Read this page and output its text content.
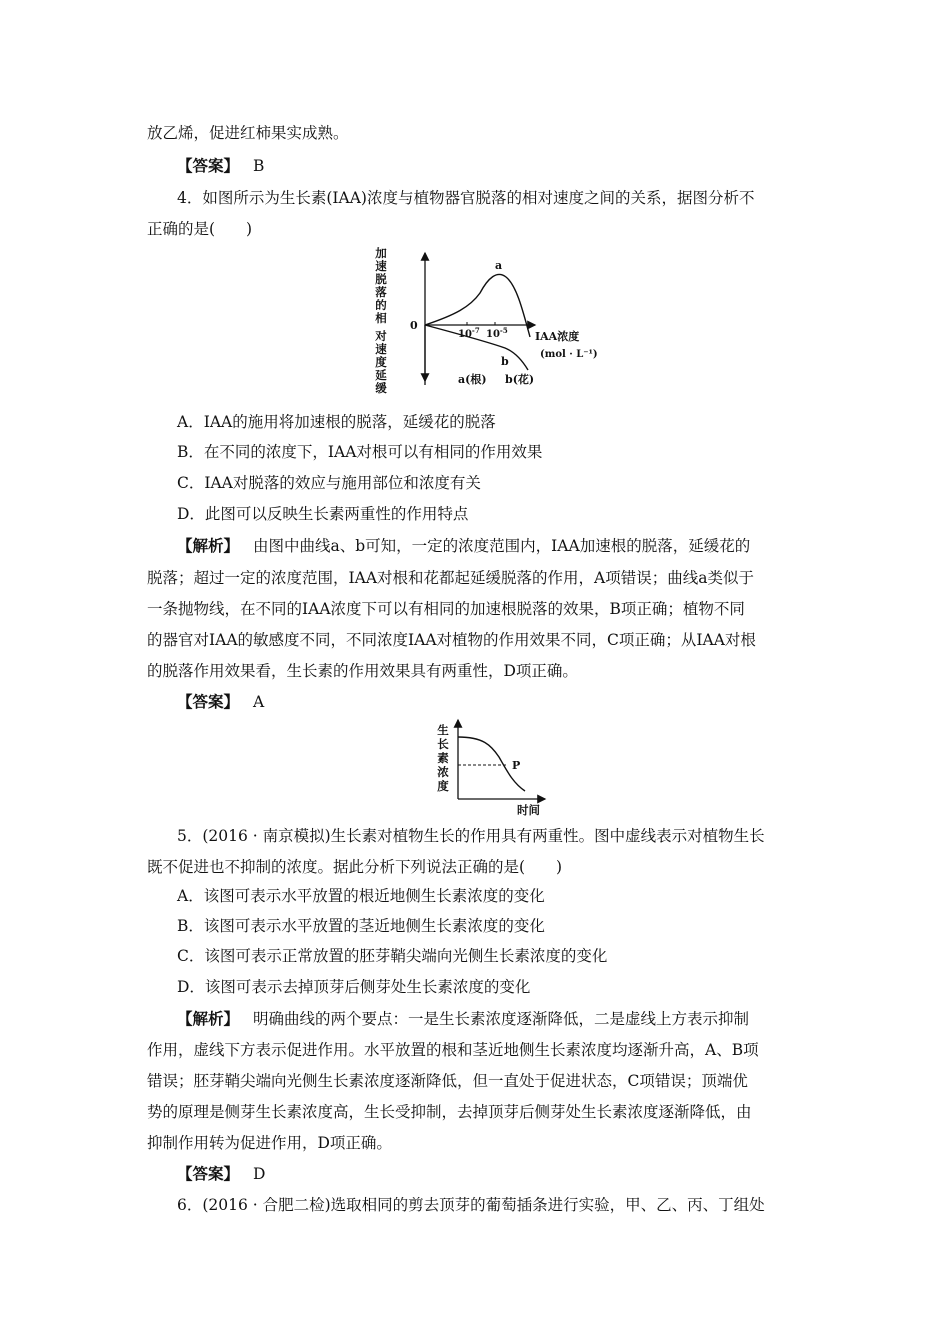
放乙烯，促进红柿果实成熟。
【答案】 B
4．如图所示为生长素(IAA)浓度与植物器官脱落的相对速度之间的关系，据图分析不
正确的是(　　)
加
速
脱
落
的
相
对
速
度
延
缓
0
$10^{-7}$ $10^{-5}$ IAA浓度
(mol · L⁻¹)
a
b
a(根) b(花)
A．IAA的施用将加速根的脱落，延缓花的脱落
B．在不同的浓度下，IAA对根可以有相同的作用效果
C．IAA对脱落的效应与施用部位和浓度有关
D．此图可以反映生长素两重性的作用特点
【解析】 由图中曲线a、b可知，一定的浓度范围内，IAA加速根的脱落，延缓花的
脱落；超过一定的浓度范围，IAA对根和花都起延缓脱落的作用，A项错误；曲线a类似于
一条抛物线，在不同的IAA浓度下可以有相同的加速根脱落的效果，B项正确；植物不同
的器官对IAA的敏感度不同，不同浓度IAA对植物的作用效果不同，C项正确；从IAA对根
的脱落作用效果看，生长素的作用效果具有两重性，D项正确。
【答案】 A
生
长
素
浓
度
P
时间
5．(2016 · 南京模拟)生长素对植物生长的作用具有两重性。图中虚线表示对植物生长
既不促进也不抑制的浓度。据此分析下列说法正确的是(　　)
A．该图可表示水平放置的根近地侧生长素浓度的变化
B．该图可表示水平放置的茎近地侧生长素浓度的变化
C．该图可表示正常放置的胚芽鞘尖端向光侧生长素浓度的变化
D．该图可表示去掉顶芽后侧芽处生长素浓度的变化
【解析】 明确曲线的两个要点：一是生长素浓度逐渐降低，二是虚线上方表示抑制
作用，虚线下方表示促进作用。水平放置的根和茎近地侧生长素浓度均逐渐升高，A、B项
错误；胚芽鞘尖端向光侧生长素浓度逐渐降低，但一直处于促进状态，C项错误；顶端优
势的原理是侧芽生长素浓度高，生长受抑制，去掉顶芽后侧芽处生长素浓度逐渐降低，由
抑制作用转为促进作用，D项正确。
【答案】 D
6．(2016 · 合肥二检)选取相同的剪去顶芽的葡萄插条进行实验，甲、乙、丙、丁组处
